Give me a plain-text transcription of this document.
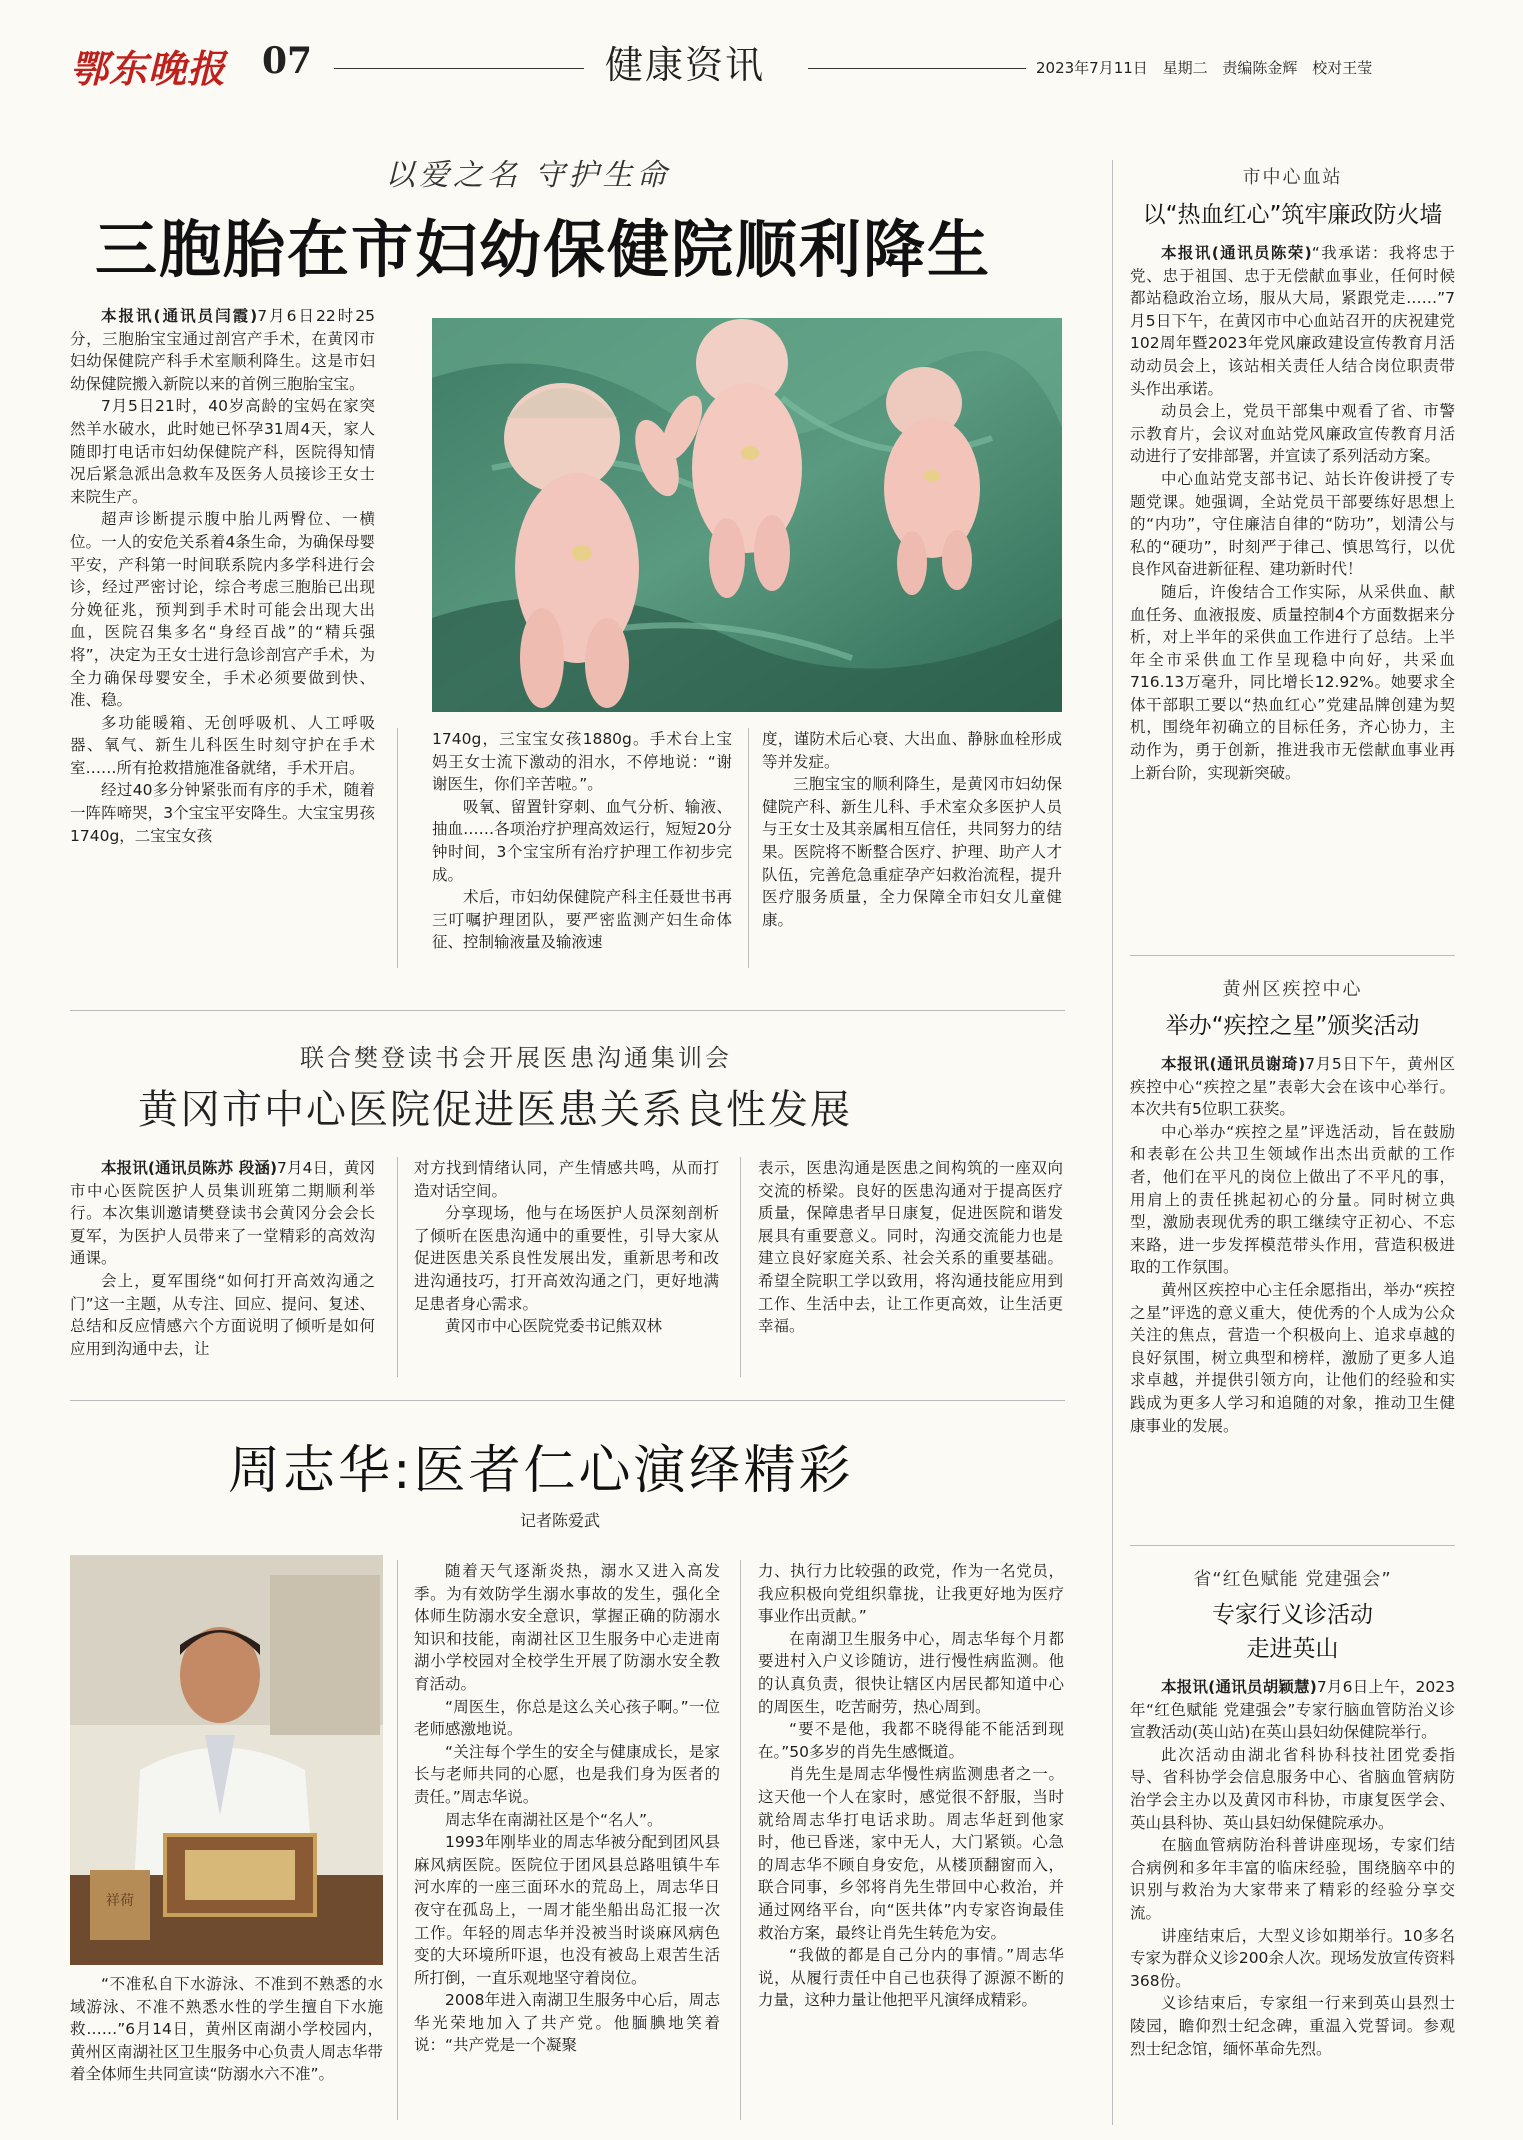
鄂东晚报 07	健康资讯	2023年7月11日 星期二 责编陈金辉 校对王莹
以爱之名 守护生命
三胞胎在市妇幼保健院顺利降生

本报讯(通讯员闫霞)7月6日22时25分，三胞胎宝宝通过剖宫产手术，在黄冈市妇幼保健院产科手术室顺利降生。这是市妇幼保健院搬入新院以来的首例三胞胎宝宝。

7月5日21时，40岁高龄的宝妈在家突然羊水破水，此时她已怀孕31周4天，家人随即打电话市妇幼保健院产科，医院得知情况后紧急派出急救车及医务人员接诊王女士来院生产。

超声诊断提示腹中胎儿两臀位、一横位。一人的安危关系着4条生命，为确保母婴平安，产科第一时间联系院内多学科进行会诊，经过严密讨论，综合考虑三胞胎已出现分娩征兆，预判到手术时可能会出现大出血，医院召集多名“身经百战”的“精兵强将”，决定为王女士进行急诊剖宫产手术，为全力确保母婴安全，手术必须要做到快、准、稳。

多功能暖箱、无创呼吸机、人工呼吸器、氧气、新生儿科医生时刻守护在手术室……所有抢救措施准备就绪，手术开启。

经过40多分钟紧张而有序的手术，随着一阵阵啼哭，3个宝宝平安降生。大宝宝男孩1740g，二宝宝女孩

1740g，三宝宝女孩1880g。手术台上宝妈王女士流下激动的泪水，不停地说：“谢谢医生，你们辛苦啦。”。

吸氧、留置针穿刺、血气分析、输液、抽血……各项治疗护理高效运行，短短20分钟时间，3个宝宝所有治疗护理工作初步完成。

术后，市妇幼保健院产科主任聂世书再三叮嘱护理团队，要严密监测产妇生命体征、控制输液量及输液速

度，谨防术后心衰、大出血、静脉血栓形成等并发症。

三胞宝宝的顺利降生，是黄冈市妇幼保健院产科、新生儿科、手术室众多医护人员与王女士及其亲属相互信任，共同努力的结果。医院将不断整合医疗、护理、助产人才队伍，完善危急重症孕产妇救治流程，提升医疗服务质量，全力保障全市妇女儿童健康。

联合樊登读书会开展医患沟通集训会
黄冈市中心医院促进医患关系良性发展

本报讯(通讯员陈苏 段涵)7月4日，黄冈市中心医院医护人员集训班第二期顺利举行。本次集训邀请樊登读书会黄冈分会会长夏军，为医护人员带来了一堂精彩的高效沟通课。

会上，夏军围绕“如何打开高效沟通之门”这一主题，从专注、回应、提问、复述、总结和反应情感六个方面说明了倾听是如何应用到沟通中去，让

对方找到情绪认同，产生情感共鸣，从而打造对话空间。

分享现场，他与在场医护人员深刻剖析了倾听在医患沟通中的重要性，引导大家从促进医患关系良性发展出发，重新思考和改进沟通技巧，打开高效沟通之门，更好地满足患者身心需求。

黄冈市中心医院党委书记熊双林

表示，医患沟通是医患之间构筑的一座双向交流的桥梁。良好的医患沟通对于提高医疗质量，保障患者早日康复，促进医院和谐发展具有重要意义。同时，沟通交流能力也是建立良好家庭关系、社会关系的重要基础。希望全院职工学以致用，将沟通技能应用到工作、生活中去，让工作更高效，让生活更幸福。

周志华:医者仁心演绎精彩
记者陈爱武
祥荷

“不准私自下水游泳、不准到不熟悉的水域游泳、不准不熟悉水性的学生擅自下水施救……”6月14日，黄州区南湖小学校园内，黄州区南湖社区卫生服务中心负责人周志华带着全体师生共同宣读“防溺水六不准”。

随着天气逐渐炎热，溺水又进入高发季。为有效防学生溺水事故的发生，强化全体师生防溺水安全意识，掌握正确的防溺水知识和技能，南湖社区卫生服务中心走进南湖小学校园对全校学生开展了防溺水安全教育活动。

“周医生，你总是这么关心孩子啊。”一位老师感激地说。

“关注每个学生的安全与健康成长，是家长与老师共同的心愿，也是我们身为医者的责任。”周志华说。

周志华在南湖社区是个“名人”。

1993年刚毕业的周志华被分配到团风县麻风病医院。医院位于团风县总路咀镇牛车河水库的一座三面环水的荒岛上，周志华日夜守在孤岛上，一周才能坐船出岛汇报一次工作。年轻的周志华并没被当时谈麻风病色变的大环境所吓退，也没有被岛上艰苦生活所打倒，一直乐观地坚守着岗位。

2008年进入南湖卫生服务中心后，周志华光荣地加入了共产党。他腼腆地笑着说：“共产党是一个凝聚

力、执行力比较强的政党，作为一名党员，我应积极向党组织靠拢，让我更好地为医疗事业作出贡献。”

在南湖卫生服务中心，周志华每个月都要进村入户义诊随访，进行慢性病监测。他的认真负责，很快让辖区内居民都知道中心的周医生，吃苦耐劳，热心周到。

“要不是他，我都不晓得能不能活到现在。”50多岁的肖先生感慨道。

肖先生是周志华慢性病监测患者之一。这天他一个人在家时，感觉很不舒服，当时就给周志华打电话求助。周志华赶到他家时，他已昏迷，家中无人，大门紧锁。心急的周志华不顾自身安危，从楼顶翻窗而入，联合同事，乡邻将肖先生带回中心救治，并通过网络平台，向“医共体”内专家咨询最佳救治方案，最终让肖先生转危为安。

“我做的都是自己分内的事情。”周志华说，从履行责任中自己也获得了源源不断的力量，这种力量让他把平凡演绎成精彩。

市中心血站
以“热血红心”筑牢廉政防火墙

本报讯(通讯员陈荣)“我承诺：我将忠于党、忠于祖国、忠于无偿献血事业，任何时候都站稳政治立场，服从大局，紧跟党走……”7月5日下午，在黄冈市中心血站召开的庆祝建党102周年暨2023年党风廉政建设宣传教育月活动动员会上，该站相关责任人结合岗位职责带头作出承诺。

动员会上，党员干部集中观看了省、市警示教育片，会议对血站党风廉政宣传教育月活动进行了安排部署，并宣读了系列活动方案。

中心血站党支部书记、站长许俊讲授了专题党课。她强调，全站党员干部要练好思想上的“内功”，守住廉洁自律的“防功”，划清公与私的“硬功”，时刻严于律己、慎思笃行，以优良作风奋进新征程、建功新时代！

随后，许俊结合工作实际，从采供血、献血任务、血液报废、质量控制4个方面数据来分析，对上半年的采供血工作进行了总结。上半年全市采供血工作呈现稳中向好，共采血716.13万毫升，同比增长12.92%。她要求全体干部职工要以“热血红心”党建品牌创建为契机，围绕年初确立的目标任务，齐心协力，主动作为，勇于创新，推进我市无偿献血事业再上新台阶，实现新突破。

黄州区疾控中心
举办“疾控之星”颁奖活动

本报讯(通讯员谢琦)7月5日下午，黄州区疾控中心“疾控之星”表彰大会在该中心举行。本次共有5位职工获奖。

中心举办“疾控之星”评选活动，旨在鼓励和表彰在公共卫生领域作出杰出贡献的工作者，他们在平凡的岗位上做出了不平凡的事，用肩上的责任挑起初心的分量。同时树立典型，激励表现优秀的职工继续守正初心、不忘来路，进一步发挥模范带头作用，营造积极进取的工作氛围。

黄州区疾控中心主任余愿指出，举办“疾控之星”评选的意义重大，使优秀的个人成为公众关注的焦点，营造一个积极向上、追求卓越的良好氛围，树立典型和榜样，激励了更多人追求卓越，并提供引领方向，让他们的经验和实践成为更多人学习和追随的对象，推动卫生健康事业的发展。

省“红色赋能 党建强会”
专家行义诊活动
走进英山

本报讯(通讯员胡颖慧)7月6日上午，2023年“红色赋能 党建强会”专家行脑血管防治义诊宣教活动(英山站)在英山县妇幼保健院举行。

此次活动由湖北省科协科技社团党委指导、省科协学会信息服务中心、省脑血管病防治学会主办以及黄冈市科协，市康复医学会、英山县科协、英山县妇幼保健院承办。

在脑血管病防治科普讲座现场，专家们结合病例和多年丰富的临床经验，围绕脑卒中的识别与救治为大家带来了精彩的经验分享交流。

讲座结束后，大型义诊如期举行。10多名专家为群众义诊200余人次。现场发放宣传资料368份。

义诊结束后，专家组一行来到英山县烈士陵园，瞻仰烈士纪念碑，重温入党誓词。参观烈士纪念馆，缅怀革命先烈。
